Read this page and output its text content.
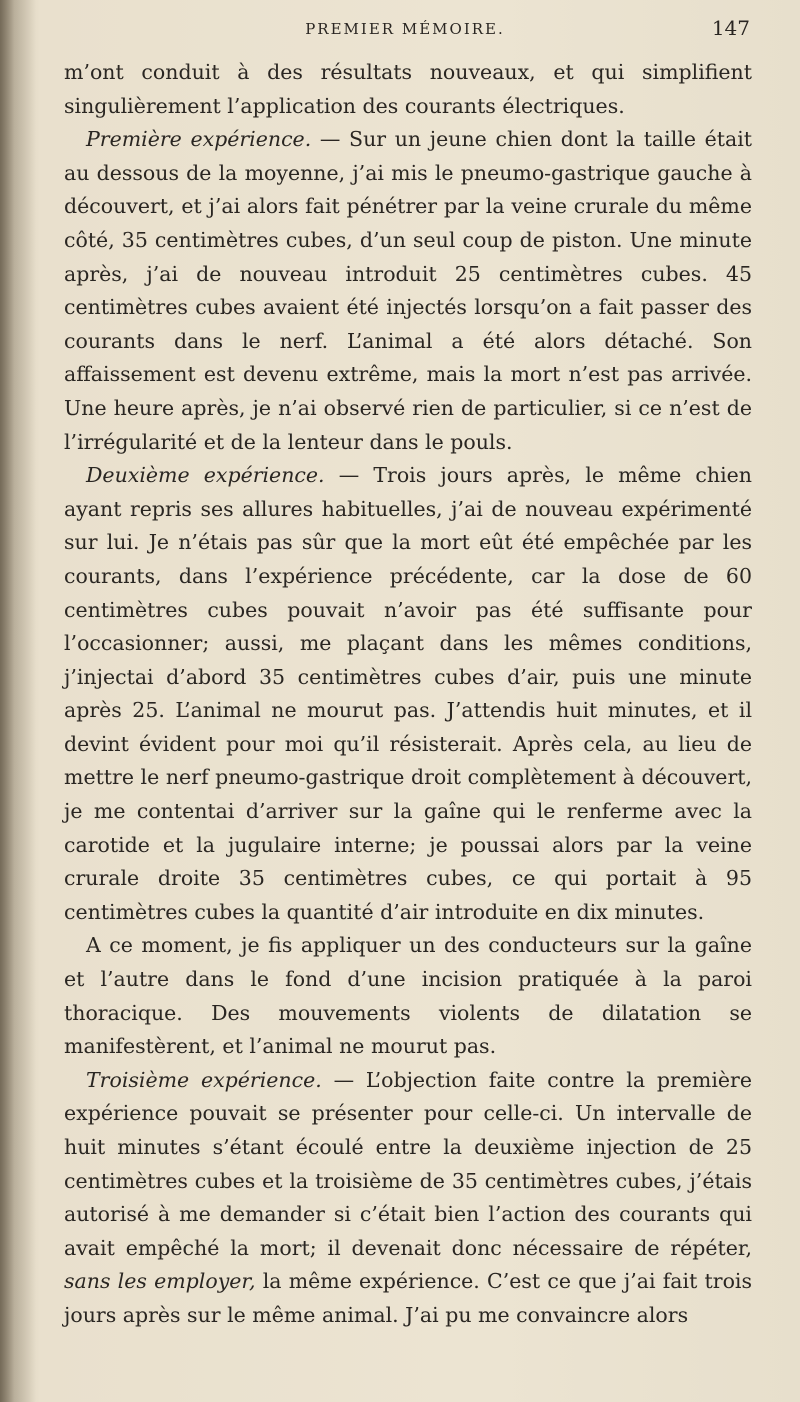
PREMIER MÉMOIRE.	147

m’ont conduit à des résultats nouveaux, et qui simplifient singulièrement l’application des courants électriques.

Première expérience. — Sur un jeune chien dont la taille était au dessous de la moyenne, j’ai mis le pneumo-gastrique gauche à découvert, et j’ai alors fait pénétrer par la veine crurale du même côté, 35 centimètres cubes, d’un seul coup de piston. Une minute après, j’ai de nouveau introduit 25 centimètres cubes. 45 centimètres cubes avaient été injectés lorsqu’on a fait passer des courants dans le nerf. L’animal a été alors détaché. Son affaissement est devenu extrême, mais la mort n’est pas arrivée. Une heure après, je n’ai observé rien de particulier, si ce n’est de l’irrégularité et de la lenteur dans le pouls.

Deuxième expérience. — Trois jours après, le même chien ayant repris ses allures habituelles, j’ai de nouveau expérimenté sur lui. Je n’étais pas sûr que la mort eût été empêchée par les courants, dans l’expérience précédente, car la dose de 60 centimètres cubes pouvait n’avoir pas été suffisante pour l’occasionner; aussi, me plaçant dans les mêmes conditions, j’injectai d’abord 35 centimètres cubes d’air, puis une minute après 25. L’animal ne mourut pas. J’attendis huit minutes, et il devint évident pour moi qu’il résisterait. Après cela, au lieu de mettre le nerf pneumo-gastrique droit complètement à découvert, je me contentai d’arriver sur la gaîne qui le renferme avec la carotide et la jugulaire interne; je poussai alors par la veine crurale droite 35 centimètres cubes, ce qui portait à 95 centimètres cubes la quantité d’air introduite en dix minutes.

A ce moment, je fis appliquer un des conducteurs sur la gaîne et l’autre dans le fond d’une incision pratiquée à la paroi thoracique. Des mouvements violents de dilatation se manifestèrent, et l’animal ne mourut pas.

Troisième expérience. — L’objection faite contre la première expérience pouvait se présenter pour celle-ci. Un intervalle de huit minutes s’étant écoulé entre la deuxième injection de 25 centimètres cubes et la troisième de 35 centimètres cubes, j’étais autorisé à me demander si c’était bien l’action des courants qui avait empêché la mort; il devenait donc nécessaire de répéter, sans les employer, la même expérience. C’est ce que j’ai fait trois jours après sur le même animal. J’ai pu me convaincre alors
